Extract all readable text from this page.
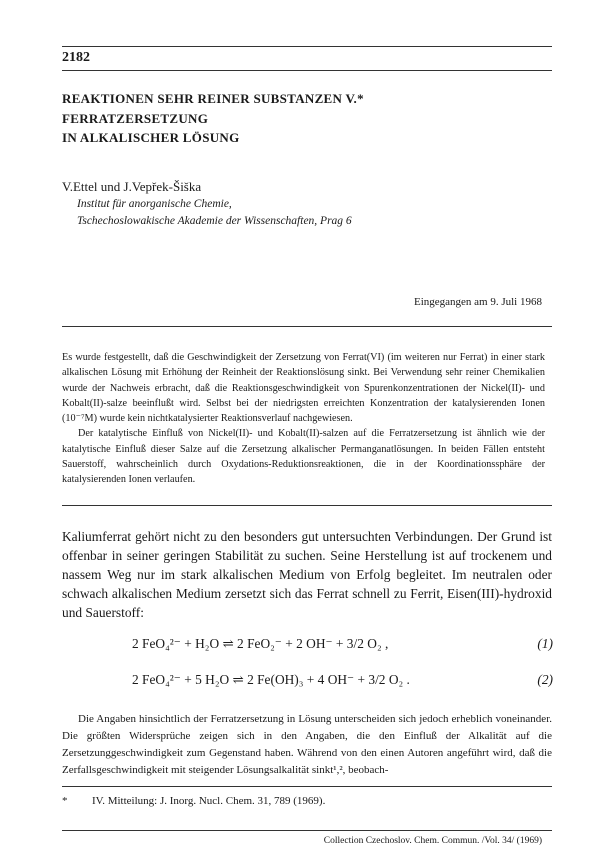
2182
REAKTIONEN SEHR REINER SUBSTANZEN V.*
FERRATZERSETZUNG
IN ALKALISCHER LÖSUNG
V.Ettel und J.Vepřek-Šiška
Institut für anorganische Chemie,
Tschechoslowakische Akademie der Wissenschaften, Prag 6
Eingegangen am 9. Juli 1968

Es wurde festgestellt, daß die Geschwindigkeit der Zersetzung von Ferrat(VI) (im weiteren nur Ferrat) in einer stark alkalischen Lösung mit Erhöhung der Reinheit der Reaktionslösung sinkt. Bei Verwendung sehr reiner Chemikalien wurde der Nachweis erbracht, daß die Reaktionsgeschwindigkeit von Spurenkonzentrationen der Nickel(II)- und Kobalt(II)-salze beeinflußt wird. Selbst bei der niedrigsten erreichten Konzentration der katalysierenden Ionen (10⁻⁷M) wurde kein nichtkatalysierter Reaktionsverlauf nachgewiesen.

Der katalytische Einfluß von Nickel(II)- und Kobalt(II)-salzen auf die Ferratzersetzung ist ähnlich wie der katalytische Einfluß dieser Salze auf die Zersetzung alkalischer Permanganatlösungen. In beiden Fällen entsteht Sauerstoff, wahrscheinlich durch Oxydations-Reduktionsreaktionen, die in der Koordinationssphäre der katalysierenden Ionen verlaufen.

Kaliumferrat gehört nicht zu den besonders gut untersuchten Verbindungen. Der Grund ist offenbar in seiner geringen Stabilität zu suchen. Seine Herstellung ist auf trockenem und nassem Weg nur im stark alkalischen Medium von Erfolg begleitet. Im neutralen oder schwach alkalischen Medium zersetzt sich das Ferrat schnell zu Ferrit, Eisen(III)-hydroxid und Sauerstoff:

2 FeO₄²⁻ + H₂O ⇌ 2 FeO₂⁻ + 2 OH⁻ + 3/2 O₂ ,	(1)
2 FeO₄²⁻ + 5 H₂O ⇌ 2 Fe(OH)₃ + 4 OH⁻ + 3/2 O₂ .	(2)

Die Angaben hinsichtlich der Ferratzersetzung in Lösung unterscheiden sich jedoch erheblich voneinander. Die größten Widersprüche zeigen sich in den Angaben, die den Einfluß der Alkalität auf die Zersetzunggeschwindigkeit zum Gegenstand haben. Während von den einen Autoren angeführt wird, daß die Zerfallsgeschwindigkeit mit steigender Lösungsalkalität sinkt¹,², beobach-

* IV. Mitteilung: J. Inorg. Nucl. Chem. 31, 789 (1969).
Collection Czechoslov. Chem. Commun. /Vol. 34/ (1969)
